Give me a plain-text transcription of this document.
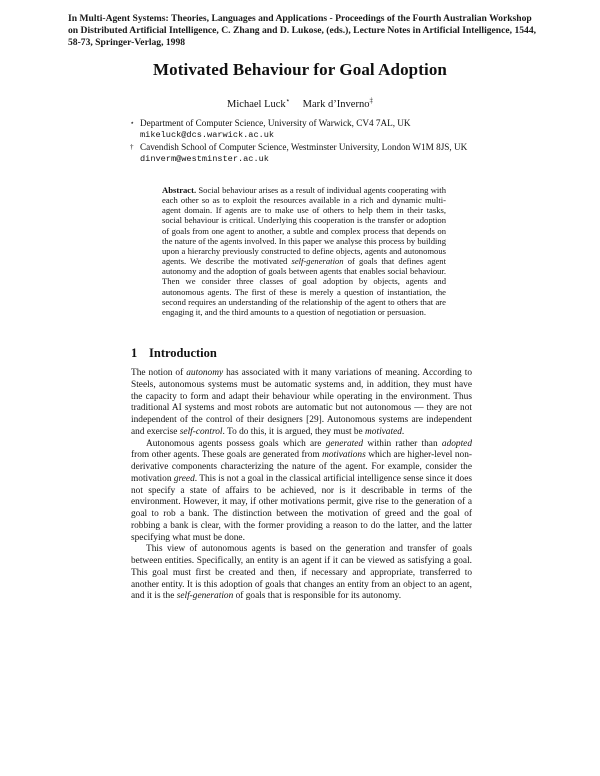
In Multi-Agent Systems: Theories, Languages and Applications - Proceedings of the Fourth Australian Workshop on Distributed Artificial Intelligence, C. Zhang and D. Lukose, (eds.), Lecture Notes in Artificial Intelligence, 1544, 58-73, Springer-Verlag, 1998
Motivated Behaviour for Goal Adoption
Michael Luck⋆ Mark d’Inverno‡
⋆ Department of Computer Science, University of Warwick, CV4 7AL, UK
mikeluck@dcs.warwick.ac.uk
† Cavendish School of Computer Science, Westminster University, London W1M 8JS, UK
dinverm@westminster.ac.uk
Abstract. Social behaviour arises as a result of individual agents cooperating with each other so as to exploit the resources available in a rich and dynamic multi-agent domain. If agents are to make use of others to help them in their tasks, social behaviour is critical. Underlying this cooperation is the transfer or adoption of goals from one agent to another, a subtle and complex process that depends on the nature of the agents involved. In this paper we analyse this process by building upon a hierarchy previously constructed to define objects, agents and autonomous agents. We describe the motivated self-generation of goals that defines agent autonomy and the adoption of goals between agents that enables social behaviour. Then we consider three classes of goal adoption by objects, agents and autonomous agents. The first of these is merely a question of instantiation, the second requires an understanding of the relationship of the agent to others that are engaging it, and the third amounts to a question of negotiation or persuasion.
1 Introduction

The notion of autonomy has associated with it many variations of meaning. According to Steels, autonomous systems must be automatic systems and, in addition, they must have the capacity to form and adapt their behaviour while operating in the environment. Thus traditional AI systems and most robots are automatic but not autonomous — they are not independent of the control of their designers [29]. Autonomous systems are independent and exercise self-control. To do this, it is argued, they must be motivated.

Autonomous agents possess goals which are generated within rather than adopted from other agents. These goals are generated from motivations which are higher-level non-derivative components characterizing the nature of the agent. For example, consider the motivation greed. This is not a goal in the classical artificial intelligence sense since it does not specify a state of affairs to be achieved, nor is it describable in terms of the environment. However, it may, if other motivations permit, give rise to the generation of a goal to rob a bank. The distinction between the motivation of greed and the goal of robbing a bank is clear, with the former providing a reason to do the latter, and the latter specifying what must be done.

This view of autonomous agents is based on the generation and transfer of goals between entities. Specifically, an entity is an agent if it can be viewed as satisfying a goal. This goal must first be created and then, if necessary and appropriate, transferred to another entity. It is this adoption of goals that changes an entity from an object to an agent, and it is the self-generation of goals that is responsible for its autonomy.
